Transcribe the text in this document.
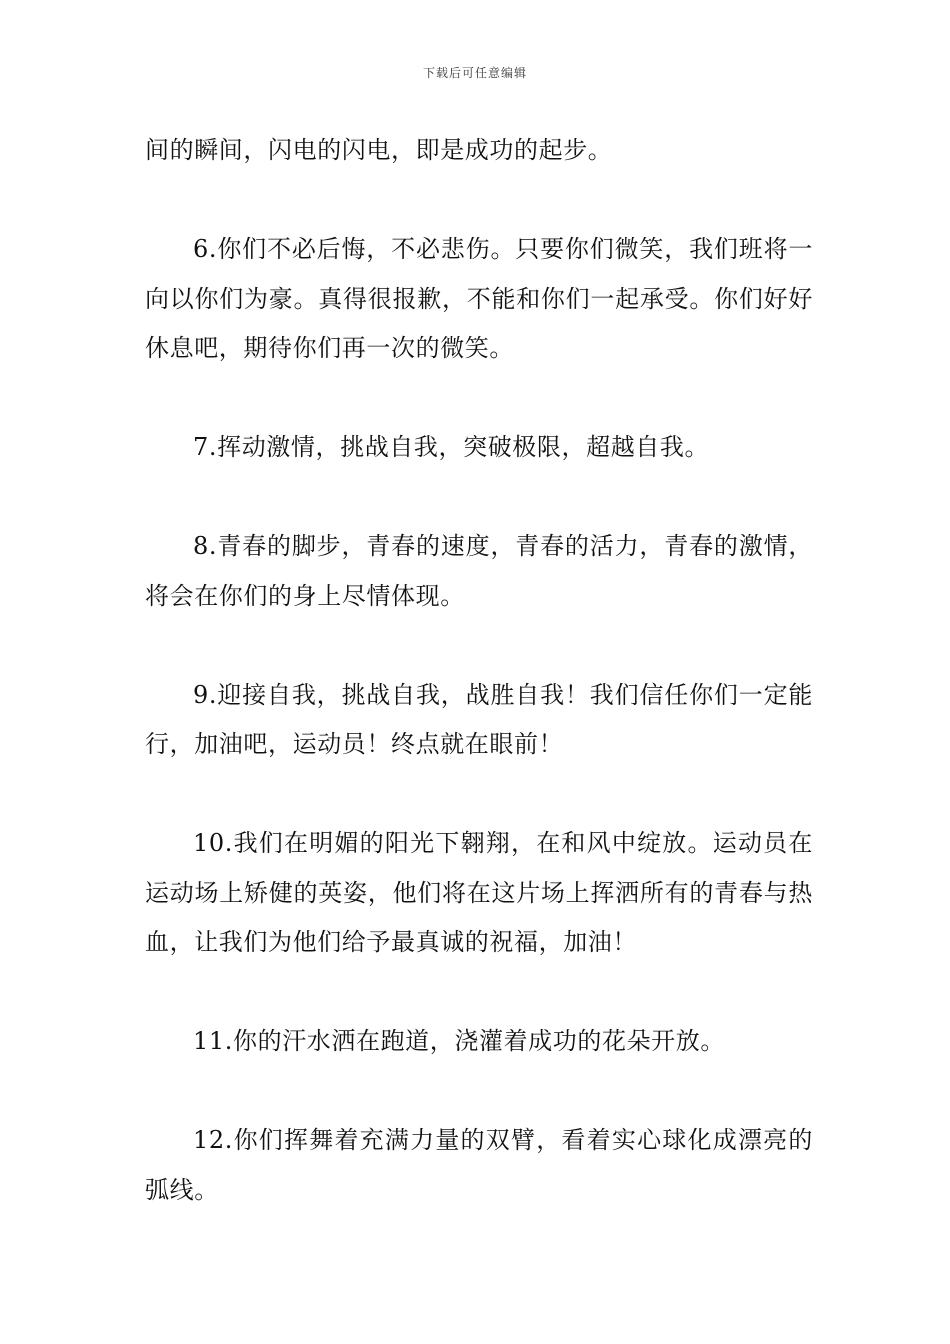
下载后可任意编辑

间的瞬间，闪电的闪电，即是成功的起步。

6.你们不必后悔，不必悲伤。只要你们微笑，我们班将一向以你们为豪。真得很报歉，不能和你们一起承受。你们好好休息吧，期待你们再一次的微笑。

7.挥动激情，挑战自我，突破极限，超越自我。

8.青春的脚步，青春的速度，青春的活力，青春的激情，将会在你们的身上尽情体现。

9.迎接自我，挑战自我，战胜自我！我们信任你们一定能行，加油吧，运动员！终点就在眼前！

10.我们在明媚的阳光下翱翔，在和风中绽放。运动员在运动场上矫健的英姿，他们将在这片场上挥洒所有的青春与热血，让我们为他们给予最真诚的祝福，加油！

11.你的汗水洒在跑道，浇灌着成功的花朵开放。

12.你们挥舞着充满力量的双臂，看着实心球化成漂亮的弧线。
